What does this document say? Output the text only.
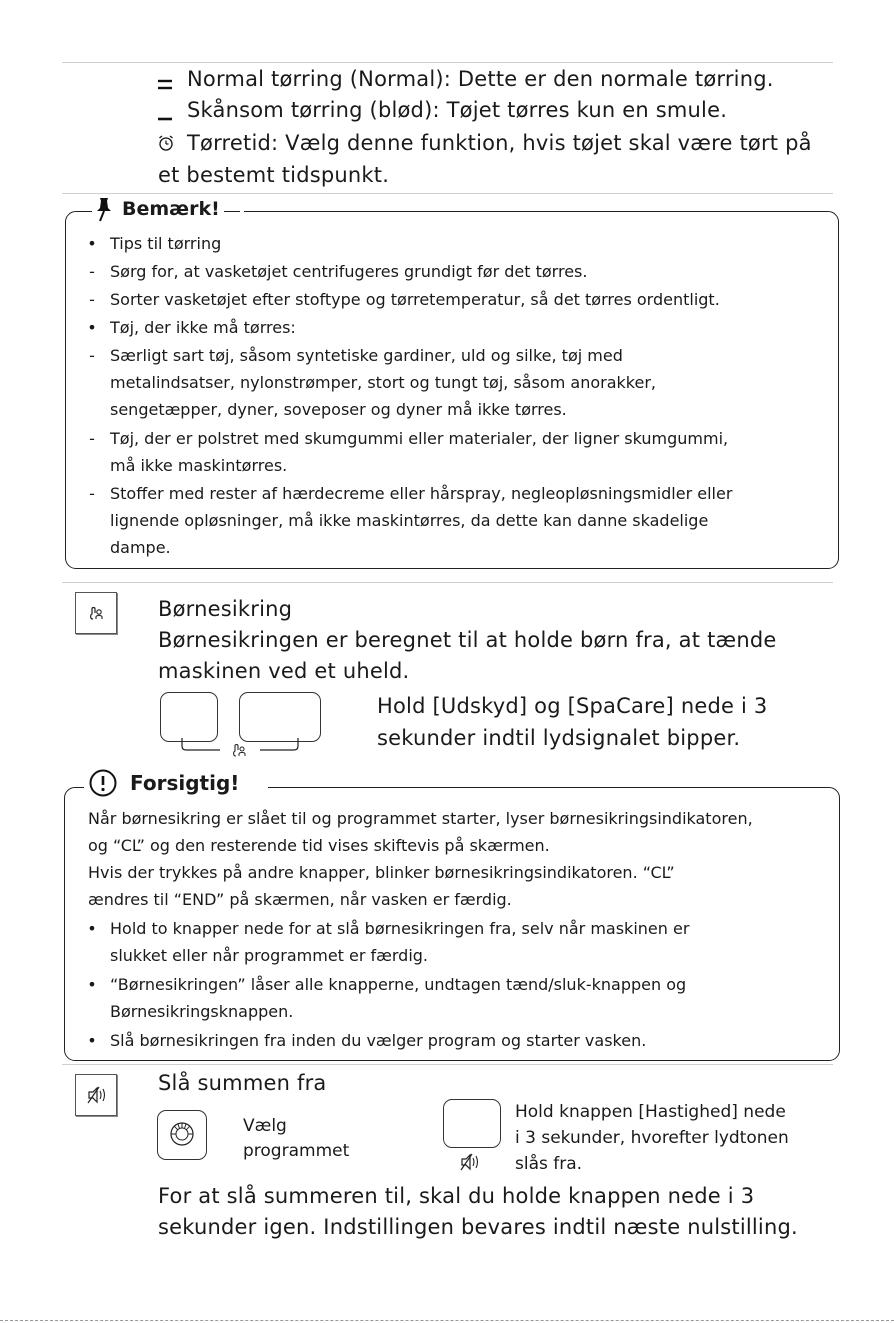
Normal tørring (Normal): Dette er den normale tørring.
Skånsom tørring (blød): Tøjet tørres kun en smule.
Tørretid: Vælg denne funktion, hvis tøjet skal være tørt på
et bestemt tidspunkt.
Bemærk!
• Tips til tørring
- Sørg for, at vasketøjet centrifugeres grundigt før det tørres.
- Sorter vasketøjet efter stoftype og tørretemperatur, så det tørres ordentligt.
• Tøj, der ikke må tørres:
- Særligt sart tøj, såsom syntetiske gardiner, uld og silke, tøj med
metalindsatser, nylonstrømper, stort og tungt tøj, såsom anorakker,
sengetæpper, dyner, soveposer og dyner må ikke tørres.
- Tøj, der er polstret med skumgummi eller materialer, der ligner skumgummi,
må ikke maskintørres.
- Stoffer med rester af hærdecreme eller hårspray, negleopløsningsmidler eller
lignende opløsninger, må ikke maskintørres, da dette kan danne skadelige
dampe.
Børnesikring
Børnesikringen er beregnet til at holde børn fra, at tænde
maskinen ved et uheld.
Hold [Udskyd] og [SpaCare] nede i 3
sekunder indtil lydsignalet bipper.
Forsigtig!
Når børnesikring er slået til og programmet starter, lyser børnesikringsindikatoren,
og “CL” og den resterende tid vises skiftevis på skærmen.
Hvis der trykkes på andre knapper, blinker børnesikringsindikatoren. “CL”
ændres til “END” på skærmen, når vasken er færdig.
• Hold to knapper nede for at slå børnesikringen fra, selv når maskinen er
slukket eller når programmet er færdig.
• “Børnesikringen” låser alle knapperne, undtagen tænd/sluk-knappen og
Børnesikringsknappen.
• Slå børnesikringen fra inden du vælger program og starter vasken.
Slå summen fra
Vælg
programmet
Hold knappen [Hastighed] nede
i 3 sekunder, hvorefter lydtonen
slås fra.
For at slå summeren til, skal du holde knappen nede i 3
sekunder igen. Indstillingen bevares indtil næste nulstilling.
